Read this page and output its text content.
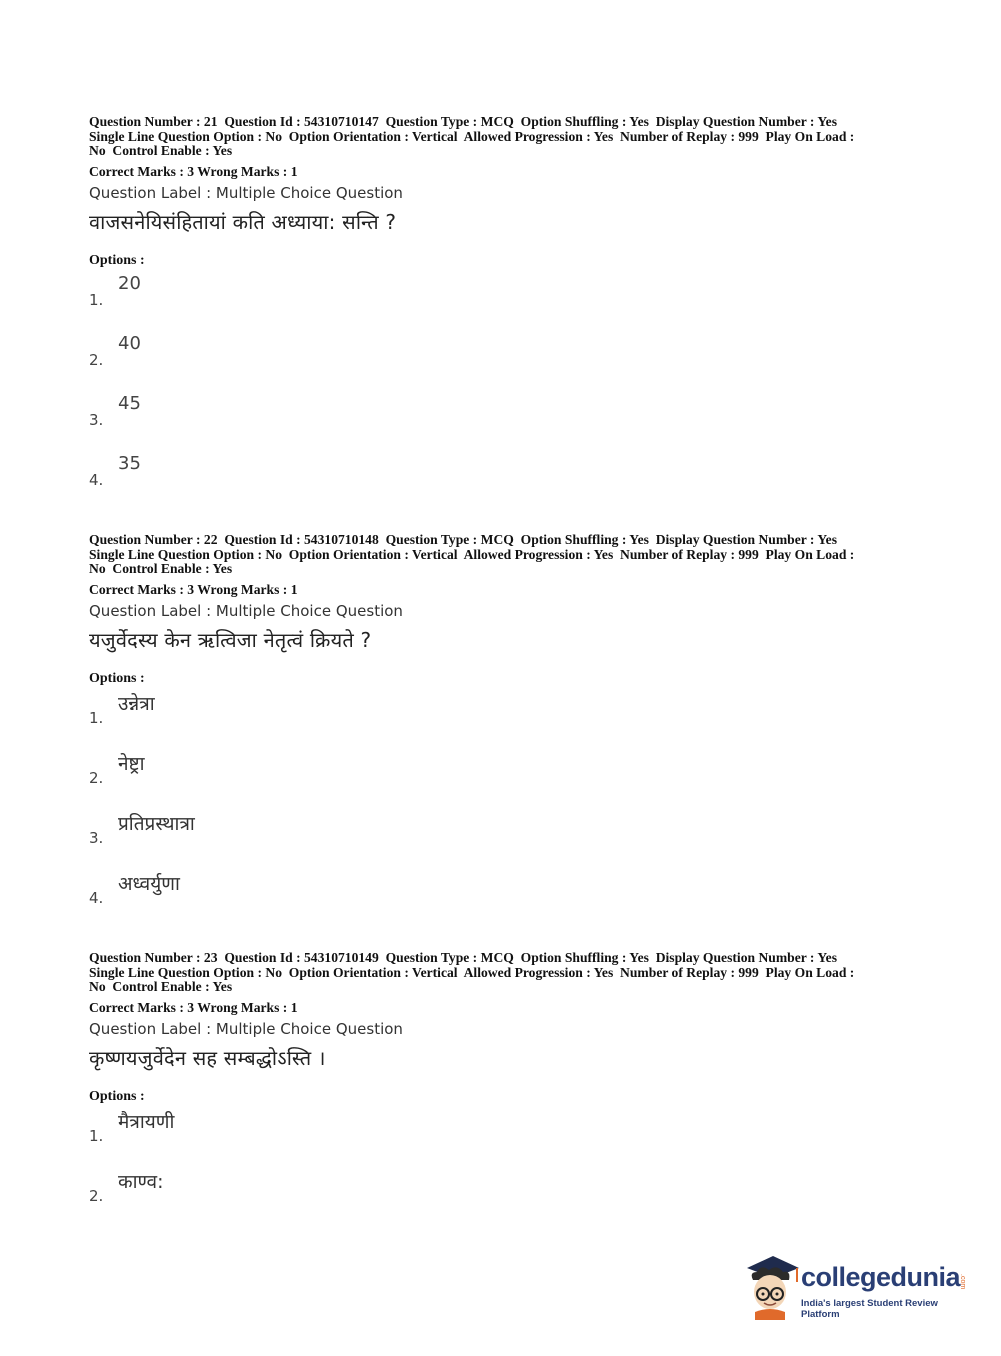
Question Number : 21  Question Id : 54310710147  Question Type : MCQ  Option Shuffling : Yes  Display Question Number : Yes
Single Line Question Option : No  Option Orientation : Vertical  Allowed Progression : Yes  Number of Replay : 999  Play On Load :
No  Control Enable : Yes
Correct Marks : 3 Wrong Marks : 1
Question Label : Multiple Choice Question
वाजसनेयिसंहितायां कति अध्याया: सन्ति ?
Options :
1.
20
2.
40
3.
45
4.
35
Question Number : 22  Question Id : 54310710148  Question Type : MCQ  Option Shuffling : Yes  Display Question Number : Yes
Single Line Question Option : No  Option Orientation : Vertical  Allowed Progression : Yes  Number of Replay : 999  Play On Load :
No  Control Enable : Yes
Correct Marks : 3 Wrong Marks : 1
Question Label : Multiple Choice Question
यजुर्वेदस्य केन ऋत्विजा नेतृत्वं क्रियते ?
Options :
1.
उन्नेत्रा
2.
नेष्ट्रा
3.
प्रतिप्रस्थात्रा
4.
अध्वर्युणा
Question Number : 23  Question Id : 54310710149  Question Type : MCQ  Option Shuffling : Yes  Display Question Number : Yes
Single Line Question Option : No  Option Orientation : Vertical  Allowed Progression : Yes  Number of Replay : 999  Play On Load :
No  Control Enable : Yes
Correct Marks : 3 Wrong Marks : 1
Question Label : Multiple Choice Question
कृष्णयजुर्वेदेन सह सम्बद्धोऽस्ति ।
Options :
1.
मैत्रायणी
2.
काण्व:
collegedunia
.com
India's largest Student Review Platform
